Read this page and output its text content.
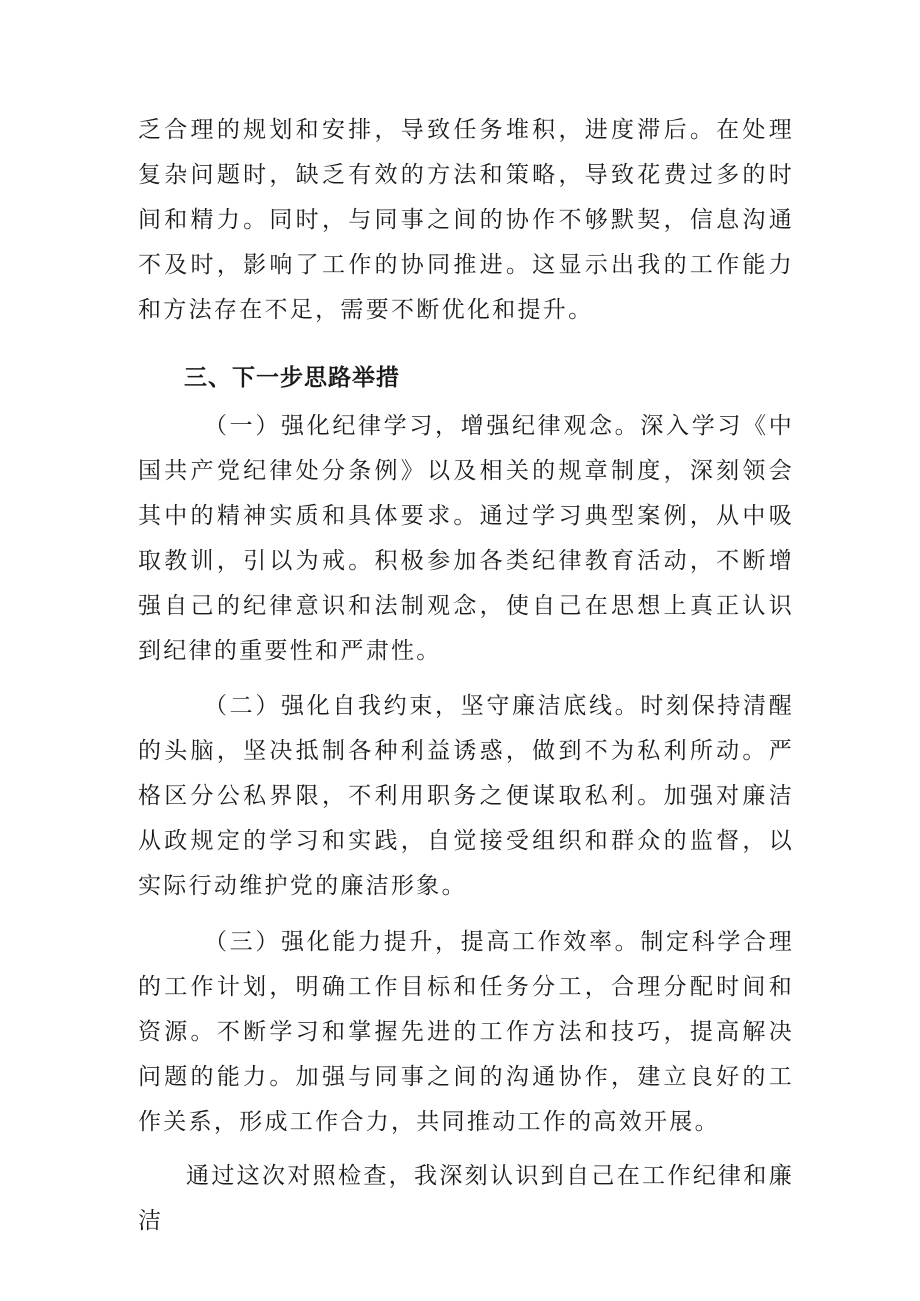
乏合理的规划和安排，导致任务堆积，进度滞后。在处理复杂问题时，缺乏有效的方法和策略，导致花费过多的时间和精力。同时，与同事之间的协作不够默契，信息沟通不及时，影响了工作的协同推进。这显示出我的工作能力和方法存在不足，需要不断优化和提升。

三、下一步思路举措

（一）强化纪律学习，增强纪律观念。深入学习《中国共产党纪律处分条例》以及相关的规章制度，深刻领会其中的精神实质和具体要求。通过学习典型案例，从中吸取教训，引以为戒。积极参加各类纪律教育活动，不断增强自己的纪律意识和法制观念，使自己在思想上真正认识到纪律的重要性和严肃性。

（二）强化自我约束，坚守廉洁底线。时刻保持清醒的头脑，坚决抵制各种利益诱惑，做到不为私利所动。严格区分公私界限，不利用职务之便谋取私利。加强对廉洁从政规定的学习和实践，自觉接受组织和群众的监督，以实际行动维护党的廉洁形象。

（三）强化能力提升，提高工作效率。制定科学合理的工作计划，明确工作目标和任务分工，合理分配时间和资源。不断学习和掌握先进的工作方法和技巧，提高解决问题的能力。加强与同事之间的沟通协作，建立良好的工作关系，形成工作合力，共同推动工作的高效开展。

通过这次对照检查，我深刻认识到自己在工作纪律和廉洁
